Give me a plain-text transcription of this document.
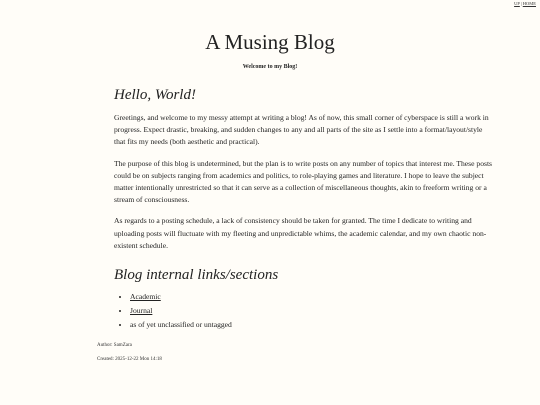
UP|HOME
A Musing Blog
Welcome to my Blog!
Hello, World!

Greetings, and welcome to my messy attempt at writing a blog! As of now, this small corner of cyberspace is still a work in progress. Expect drastic, breaking, and sudden changes to any and all parts of the site as I settle into a format/layout/style that fits my needs (both aesthetic and practical).

The purpose of this blog is undetermined, but the plan is to write posts on any number of topics that interest me. These posts could be on subjects ranging from academics and politics, to role-playing games and literature. I hope to leave the subject matter intentionally unrestricted so that it can serve as a collection of miscellaneous thoughts, akin to freeform writing or a stream of consciousness.

As regards to a posting schedule, a lack of consistency should be taken for granted. The time I dedicate to writing and uploading posts will fluctuate with my fleeting and unpredictable whims, the academic calendar, and my own chaotic non-existent schedule.

Blog internal links/sections
• Academic
• Journal
• as of yet unclassified or untagged
Author: SamZara
Created: 2025-12-22 Mon 14:18
